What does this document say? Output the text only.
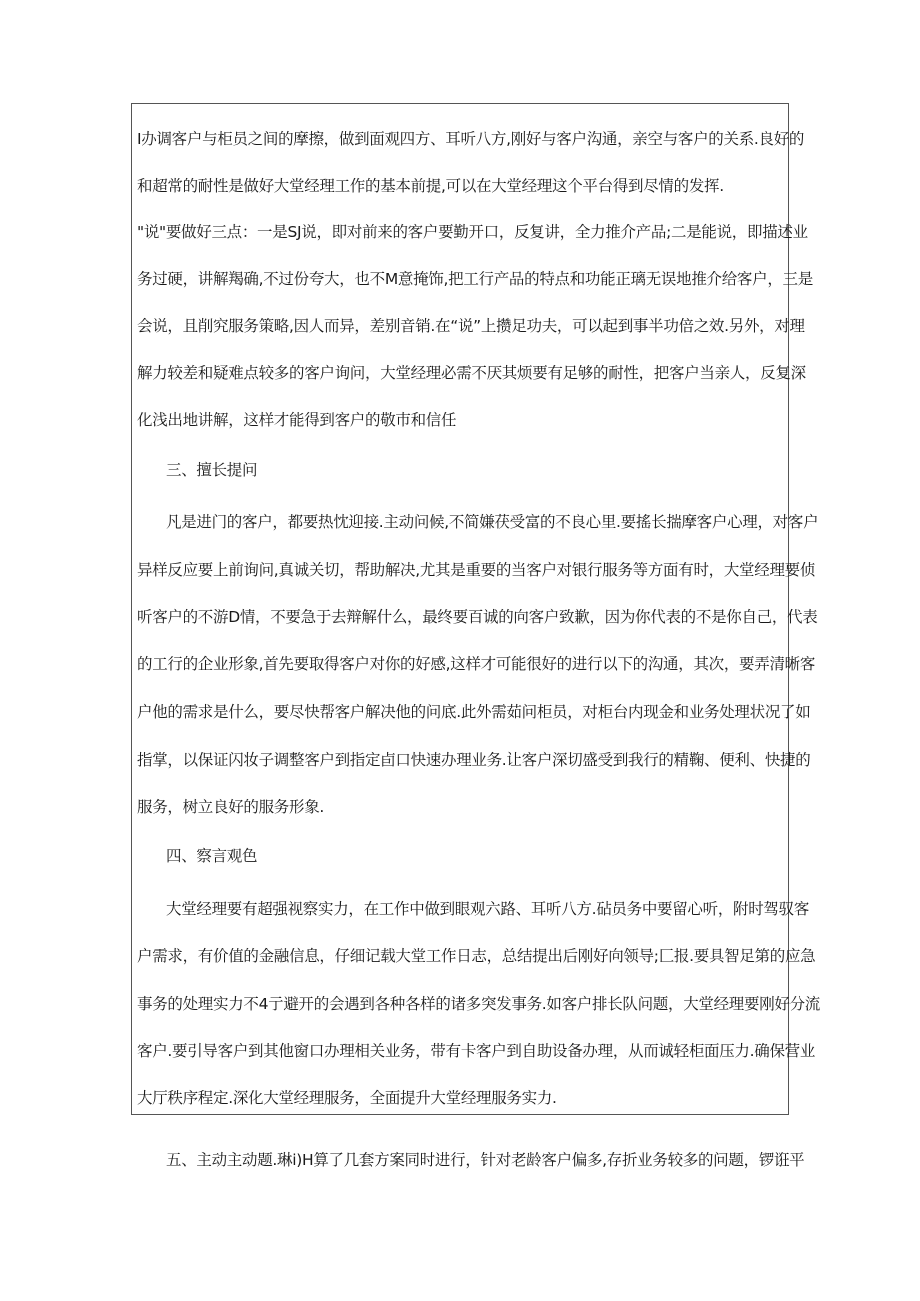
I办调客户与柜员之间的摩擦，做到面观四方、耳听八方,刚好与客户沟通，亲空与客户的关系.良好的
和超常的耐性是做好大堂经理工作的基本前提,可以在大堂经理这个平台得到尽情的发挥.
"说"要做好三点：一是SJ说，即对前来的客户要勤开口，反复讲，全力推介产品;二是能说，即描述业
务过硬，讲解羯确,不过份夸大，也不M意掩饰,把工行产品的特点和功能正璃无误地推介给客户，三是
会说，且削究服务策略,因人而异，差别音销.在“说”上攒足功夫，可以起到事半功倍之效.另外，对理
解力较差和疑难点较多的客户询问，大堂经理必需不厌其烦要有足够的耐性，把客户当亲人，反复深
化浅出地讲解，这样才能得到客户的敬巿和信任
三、擅长提问
凡是进门的客户，都要热忱迎接.主动问候,不简嫌茯受富的不良心里.要搖长揣摩客户心理，对客户
异样反应要上前询问,真诚关切，帮助解决,尤其是重要的当客户对银行服务等方面有时，大堂经理要侦
听客户的不游D情，不要急于去辩解什么，最终要百诚的向客户致歉，因为你代表的不是你自己，代表
的工行的企业形象,首先要取得客户对你的好感,这样才可能很好的进行以下的沟通，其次，要弄清晰客
户他的需求是什么，要尽快帮客户解决他的问底.此外需茹问柜员，对柜台内现金和业务处理状况了如
指掌，以保证闪妆子调整客户到指定卣口快速办理业务.让客户深切盛受到我行的精鞠、便利、快捷的
服务，树立良好的服务形象.
四、察言观色
大堂经理要有超强视察实力，在工作中做到眼观六路、耳听八方.砧员务中要留心听，附时驾驭客
户需求，有价值的金融信息，仔细记载大堂工作日志，总结提出后刚好向领导;匚报.要具智足第的应急
事务的处理实力不4亍避开的会遇到各种各样的诸多突发事务.如客户排长队问题，大堂经理要刚好分流
客户.要引导客户到其他窗口办理相关业务，带有卡客户到自助设备办理，从而诚轻柜面压力.确保营业
大厅秩序程定.深化大堂经理服务，全面提升大堂经理服务实力.
五、主动主动题.琳i)H算了几套方案同时进行，针对老龄客户偏多,存折业务较多的问题，锣诳平
